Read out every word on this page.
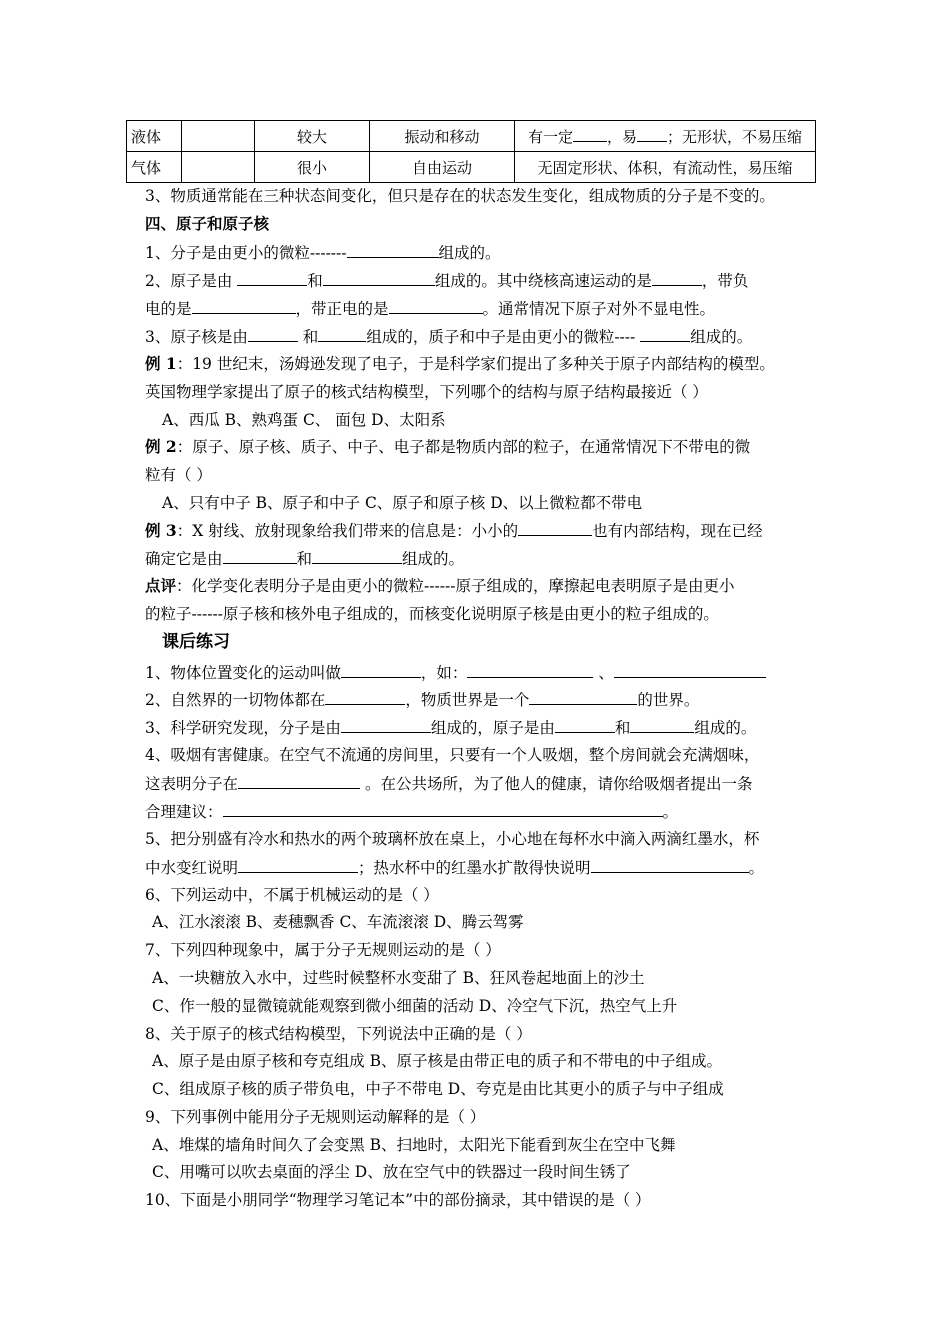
液体		较大	振动和移动	有一定 ，易 ；无形状，不易压缩
气体		很小	自由运动	无固定形状、体积，有流动性，易压缩
3、物质通常能在三种状态间变化，但只是存在的状态发生变化，组成物质的分子是不变的。
四、原子和原子核
1、分子是由更小的微粒-------	组成的。
2、原子是由	和	组成的。其中绕核高速运动的是	，带负
电的是	，带正电的是	。通常情况下原子对外不显电性。
3、原子核是由	和	组成的，质子和中子是由更小的微粒----	组成的。
例 1：19 世纪末，汤姆逊发现了电子，于是科学家们提出了多种关于原子内部结构的模型。
英国物理学家提出了原子的核式结构模型，下列哪个的结构与原子结构最接近（ ）
A、西瓜 B、熟鸡蛋 C、 面包 D、太阳系
例 2：原子、原子核、质子、中子、电子都是物质内部的粒子，在通常情况下不带电的微
粒有（ ）
A、只有中子 B、原子和中子 C、原子和原子核 D、以上微粒都不带电
例 3：X 射线、放射现象给我们带来的信息是：小小的	也有内部结构，现在已经
确定它是由	和	组成的。
点评：化学变化表明分子是由更小的微粒------原子组成的，摩擦起电表明原子是由更小
的粒子------原子核和核外电子组成的，而核变化说明原子核是由更小的粒子组成的。
课后练习
1、物体位置变化的运动叫做	，如：	、
2、自然界的一切物体都在	，物质世界是一个	的世界。
3、科学研究发现，分子是由	组成的，原子是由	和	组成的。
4、吸烟有害健康。在空气不流通的房间里，只要有一个人吸烟，整个房间就会充满烟味，
这表明分子在	。在公共场所，为了他人的健康，请你给吸烟者提出一条
合理建议：	。
5、把分别盛有冷水和热水的两个玻璃杯放在桌上，小心地在每杯水中滴入两滴红墨水，杯
中水变红说明	；热水杯中的红墨水扩散得快说明	。
6、下列运动中，不属于机械运动的是（ ）
A、江水滚滚 B、麦穗飘香 C、车流滚滚 D、腾云驾雾
7、下列四种现象中，属于分子无规则运动的是（ ）
A、一块糖放入水中，过些时候整杯水变甜了 B、狂风卷起地面上的沙土
C、作一般的显微镜就能观察到微小细菌的活动 D、冷空气下沉，热空气上升
8、关于原子的核式结构模型，下列说法中正确的是（ ）
A、原子是由原子核和夸克组成 B、原子核是由带正电的质子和不带电的中子组成。
C、组成原子核的质子带负电，中子不带电 D、夸克是由比其更小的质子与中子组成
9、下列事例中能用分子无规则运动解释的是（ ）
A、堆煤的墙角时间久了会变黑 B、扫地时，太阳光下能看到灰尘在空中飞舞
C、用嘴可以吹去桌面的浮尘 D、放在空气中的铁器过一段时间生锈了
10、下面是小朋同学“物理学习笔记本”中的部份摘录，其中错误的是（ ）
